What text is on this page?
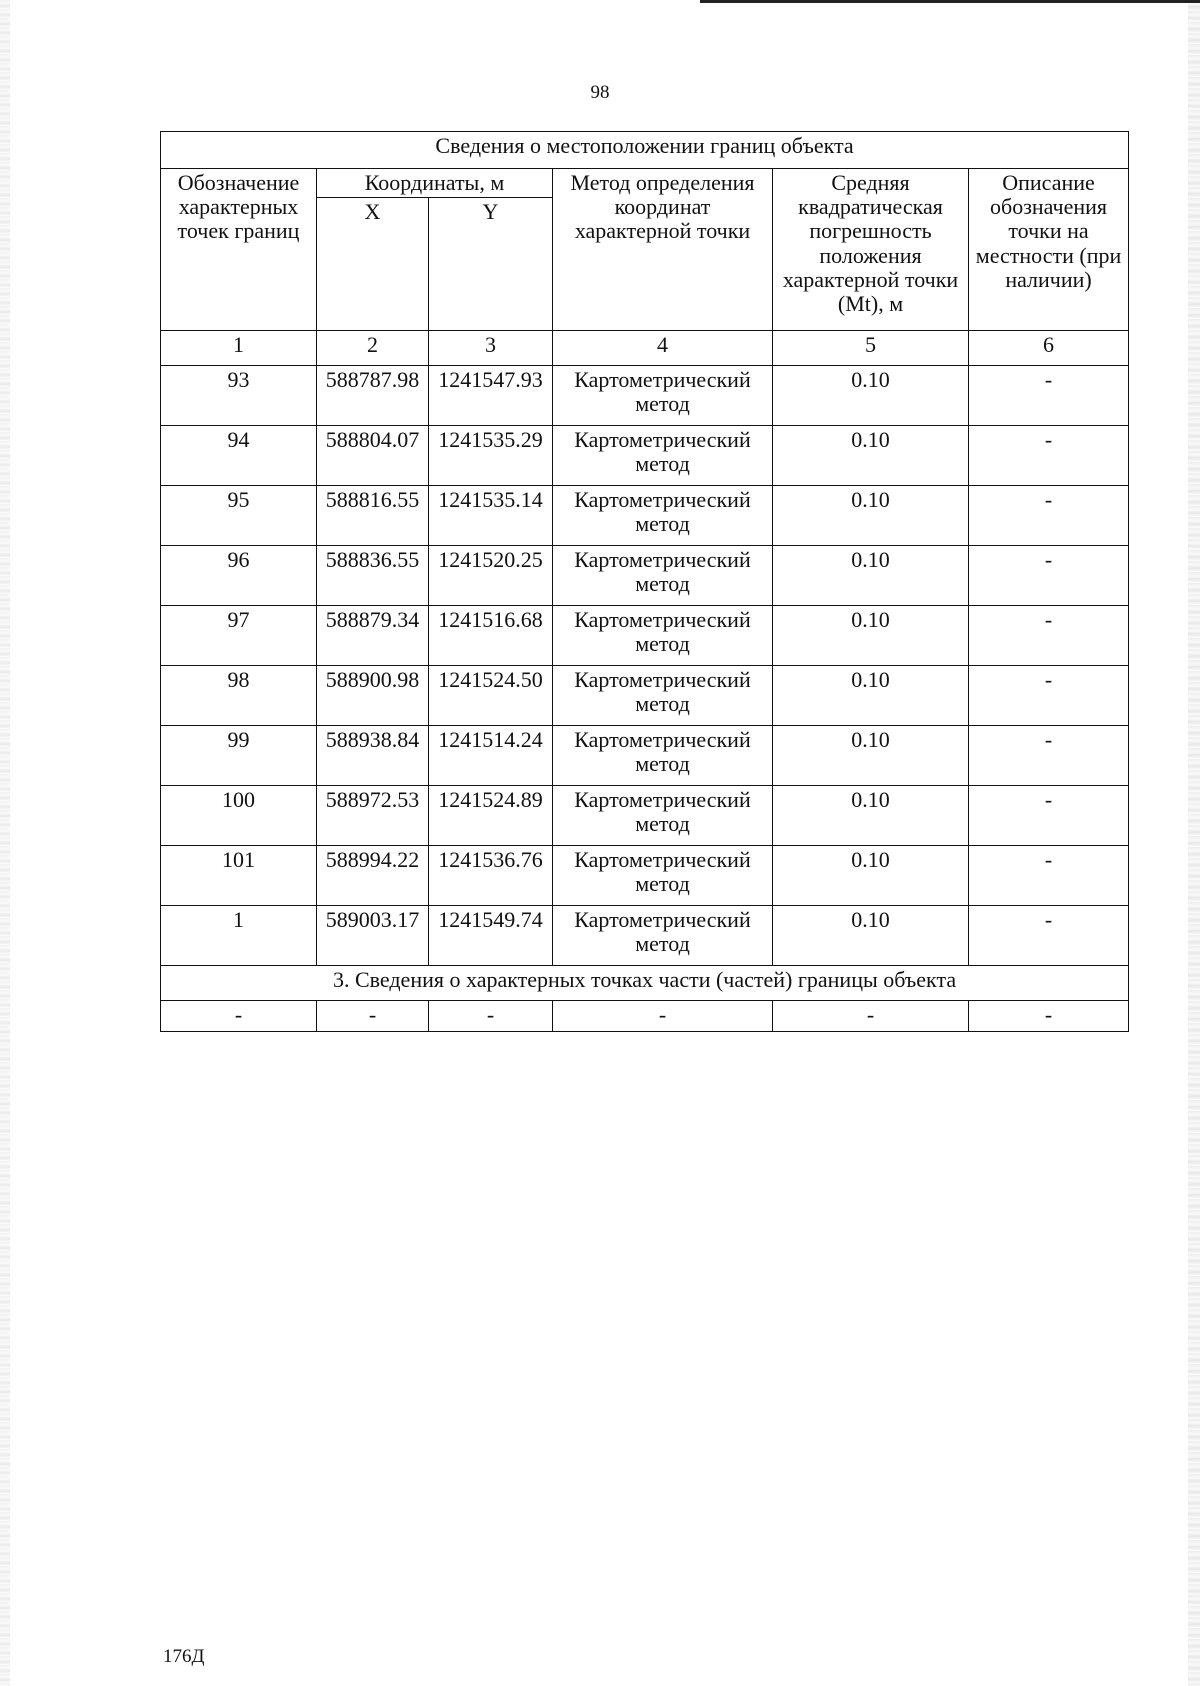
98
Сведения о местоположении границ объекта					
Обозначение характерных точек границ	Координаты, м		Метод определения координат характерной точки	Средняя квадратическая погрешность положения характерной точки (Mt), м	Описание обозначения точки на местности (при наличии)
	X	Y			
1	2	3	4	5	6
93	588787.98	1241547.93	Картометрический метод	0.10	-
94	588804.07	1241535.29	Картометрический метод	0.10	-
95	588816.55	1241535.14	Картометрический метод	0.10	-
96	588836.55	1241520.25	Картометрический метод	0.10	-
97	588879.34	1241516.68	Картометрический метод	0.10	-
98	588900.98	1241524.50	Картометрический метод	0.10	-
99	588938.84	1241514.24	Картометрический метод	0.10	-
100	588972.53	1241524.89	Картометрический метод	0.10	-
101	588994.22	1241536.76	Картометрический метод	0.10	-
1	589003.17	1241549.74	Картометрический метод	0.10	-
3. Сведения о характерных точках части (частей) границы объекта					
-	-	-	-	-	-
176Д
